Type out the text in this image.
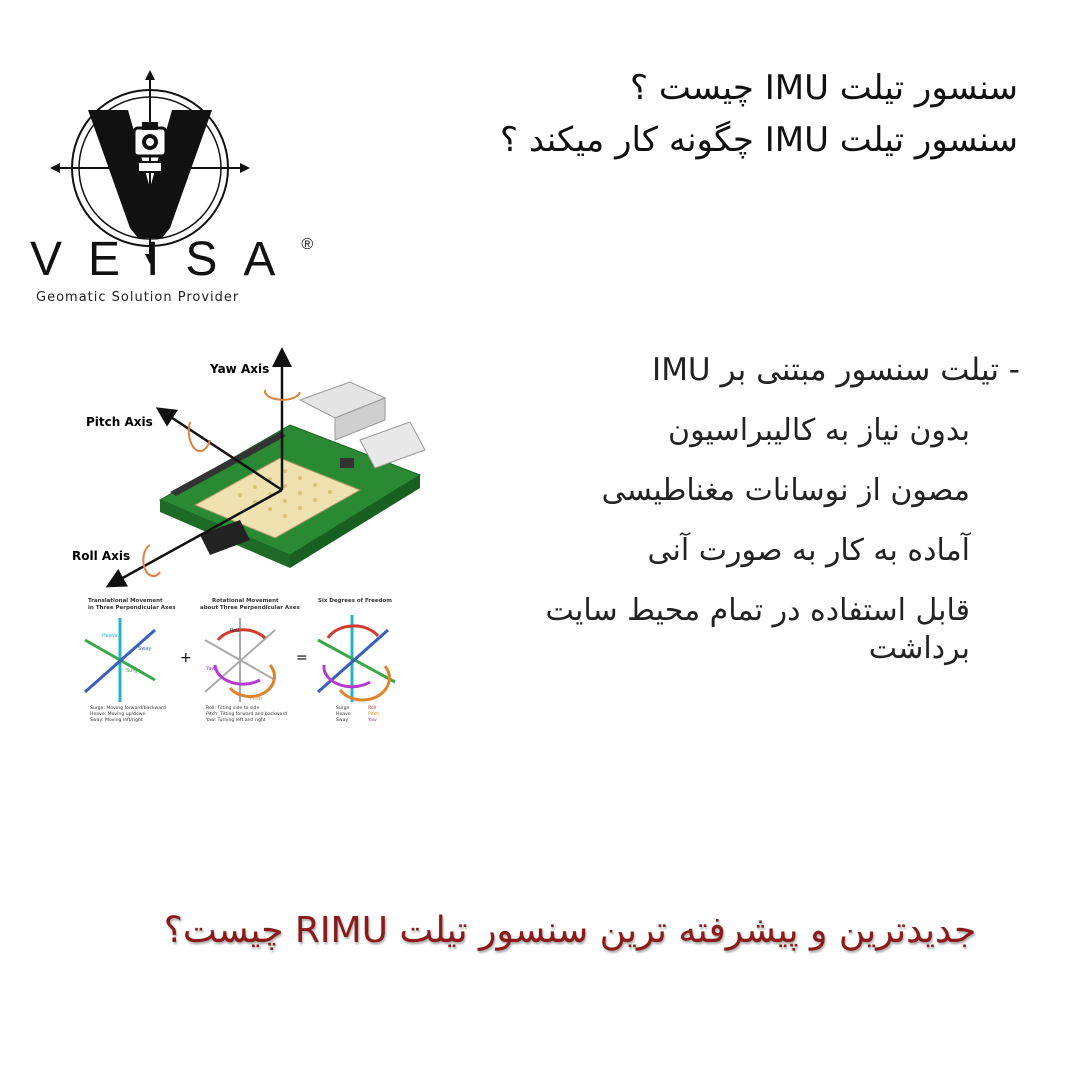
VEISA®
Geomatic Solution Provider
سنسور تیلت IMU چیست ؟
سنسور تیلت IMU چگونه کار میکند ؟
Yaw Axis
Pitch Axis
Roll Axis
Translational Movement
in Three Perpendicular Axes
Rotational Movement
about Three Perpendicular Axes
Six Degrees of Freedom
Heave
Sway
Surge
+
Roll
Yaw
Pitch
=
Surge: Moving forward/backward
Heave: Moving up/down
Sway: Moving left/right
Roll: Tilting side to side
Pitch: Tilting forward and backward
Yaw: Turning left and right
Surge
Heave
Sway
Roll
Pitch
Yaw
- تیلت سنسور مبتنی بر IMU
بدون نیاز به کالیبراسیون
مصون از نوسانات مغناطیسی
آماده به کار به صورت آنی
قابل استفاده در تمام محیط سایت برداشت
جدیدترین و پیشرفته ترین سنسور تیلت RIMU چیست؟
